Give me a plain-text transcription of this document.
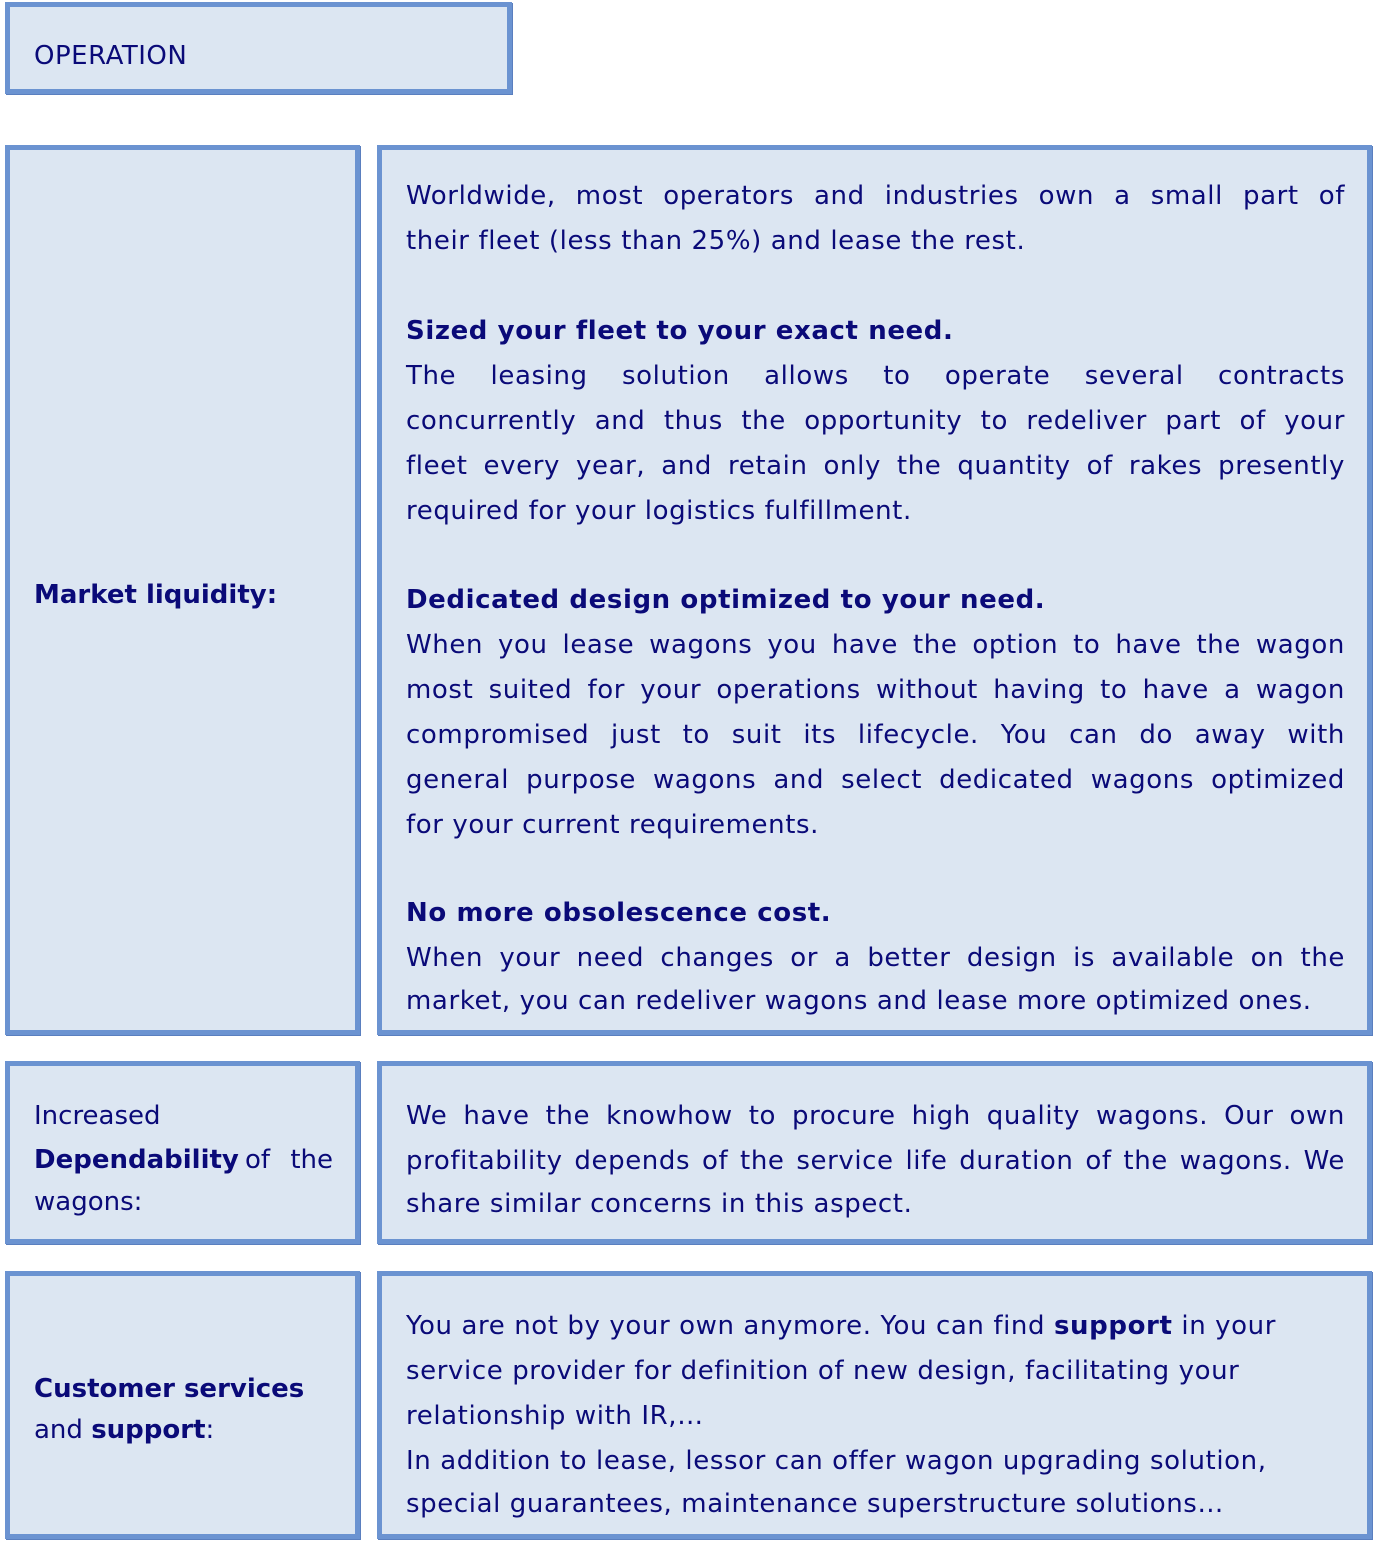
OPERATION
Market liquidity:
Worldwide, most operators and industries own a small part of
their fleet (less than 25%) and lease the rest.
Sized your fleet to your exact need.
The leasing solution allows to operate several contracts
concurrently and thus the opportunity to redeliver part of your
fleet every year, and retain only the quantity of rakes presently
required for your logistics fulfillment.
Dedicated design optimized to your need.
When you lease wagons you have the option to have the wagon
most suited for your operations without having to have a wagon
compromised just to suit its lifecycle. You can do away with
general purpose wagons and select dedicated wagons optimized
for your current requirements.
No more obsolescence cost.
When your need changes or a better design is available on the
market, you can redeliver wagons and lease more optimized ones.
Increased
Dependability of the
wagons:
We have the knowhow to procure high quality wagons. Our own
profitability depends of the service life duration of the wagons. We
share similar concerns in this aspect.
Customer services
and support:
You are not by your own anymore. You can find support in your
service provider for definition of new design, facilitating your
relationship with IR,…
In addition to lease, lessor can offer wagon upgrading solution,
special guarantees, maintenance superstructure solutions…
